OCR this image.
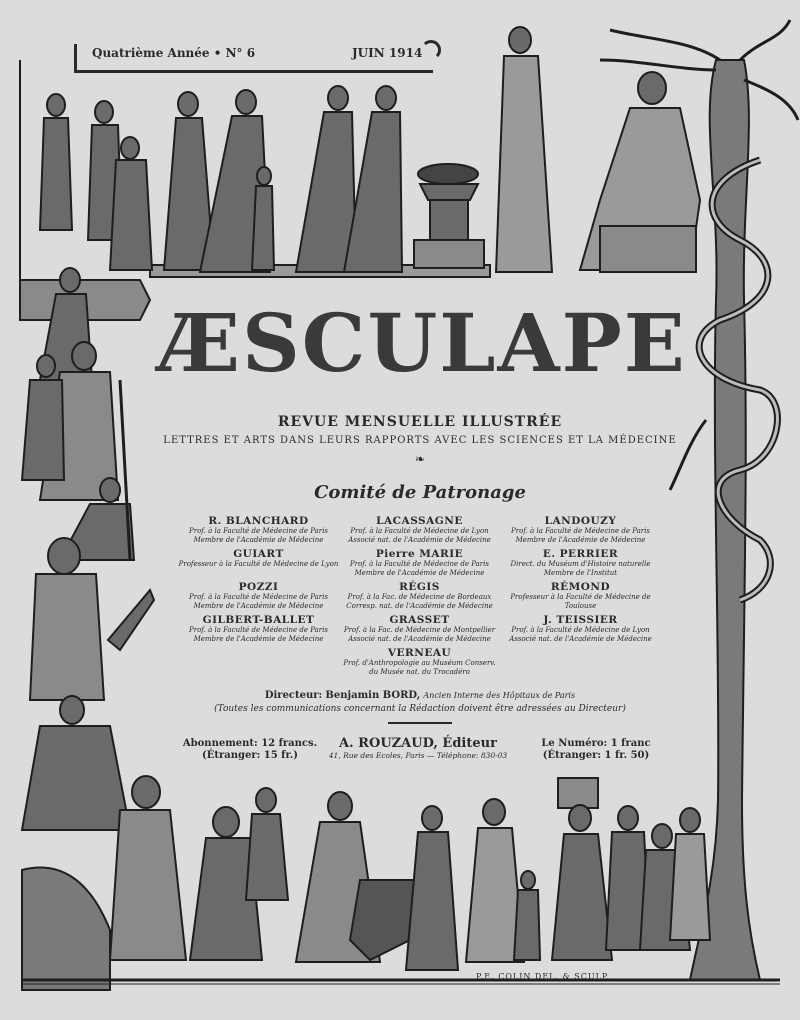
Quatrième Année • N° 6	JUIN 1914
ÆSCULAPE
REVUE MENSUELLE ILLUSTRÉE
LETTRES ET ARTS DANS LEURS RAPPORTS AVEC LES SCIENCES ET LA MÉDECINE
❧
Comité de Patronage
R. BLANCHARD
Prof. à la Faculté de Médecine de Paris Membre de l'Académie de Médecine
LACASSAGNE
Prof. à la Faculté de Médecine de Lyon Associé nat. de l'Académie de Médecine
LANDOUZY
Prof. à la Faculté de Médecine de Paris Membre de l'Académie de Médecine
GUIART
Professeur à la Faculté de Médecine de Lyon
Pierre MARIE
Prof. à la Faculté de Médecine de Paris Membre de l'Académie de Médecine
E. PERRIER
Direct. du Muséum d'Histoire naturelle Membre de l'Institut
POZZI
Prof. à la Faculté de Médecine de Paris Membre de l'Académie de Médecine
RÉGIS
Prof. à la Fac. de Médecine de Bordeaux Corresp. nat. de l'Académie de Médecine
RÉMOND
Professeur à la Faculté de Médecine de Toulouse
GILBERT-BALLET
Prof. à la Faculté de Médecine de Paris Membre de l'Académie de Médecine
GRASSET
Prof. à la Fac. de Médecine de Montpellier Associé nat. de l'Académie de Médecine
J. TEISSIER
Prof. à la Faculté de Médecine de Lyon Associé nat. de l'Académie de Médecine
VERNEAU
Prof. d'Anthropologie au Muséum Conserv. du Musée nat. du Trocadéro
Directeur: Benjamin BORD, Ancien Interne des Hôpitaux de Paris
(Toutes les communications concernant la Rédaction doivent être adressées au Directeur)
Abonnement: 12 francs.
(Étranger: 15 fr.)
A. ROUZAUD, Éditeur
41, Rue des Ecoles, Paris — Téléphone: 830-03
Le Numéro: 1 franc
(Étranger: 1 fr. 50)
P.E. COLIN DEL. & SCULP.
